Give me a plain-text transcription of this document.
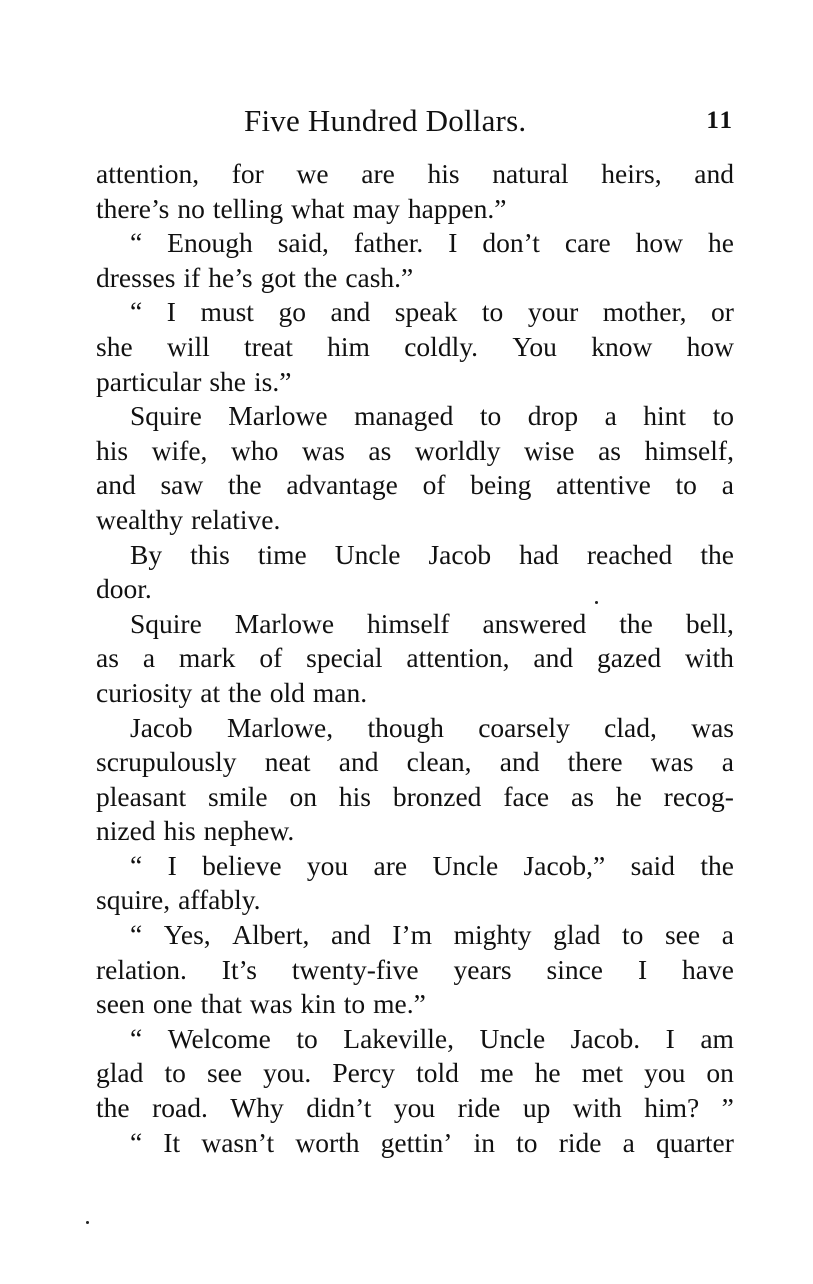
Five Hundred Dollars.	11
attention, for we are his natural heirs, and
there’s no telling what may happen.”
“ Enough said, father. I don’t care how he
dresses if he’s got the cash.”
“ I must go and speak to your mother, or
she will treat him coldly. You know how
particular she is.”
Squire Marlowe managed to drop a hint to
his wife, who was as worldly wise as himself,
and saw the advantage of being attentive to a
wealthy relative.
By this time Uncle Jacob had reached the
door.
Squire Marlowe himself answered the bell,
as a mark of special attention, and gazed with
curiosity at the old man.
Jacob Marlowe, though coarsely clad, was
scrupulously neat and clean, and there was a
pleasant smile on his bronzed face as he recog-
nized his nephew.
“ I believe you are Uncle Jacob,” said the
squire, affably.
“ Yes, Albert, and I’m mighty glad to see a
relation. It’s twenty-five years since I have
seen one that was kin to me.”
“ Welcome to Lakeville, Uncle Jacob. I am
glad to see you. Percy told me he met you on
the road. Why didn’t you ride up with him? ”
“ It wasn’t worth gettin’ in to ride a quarter
